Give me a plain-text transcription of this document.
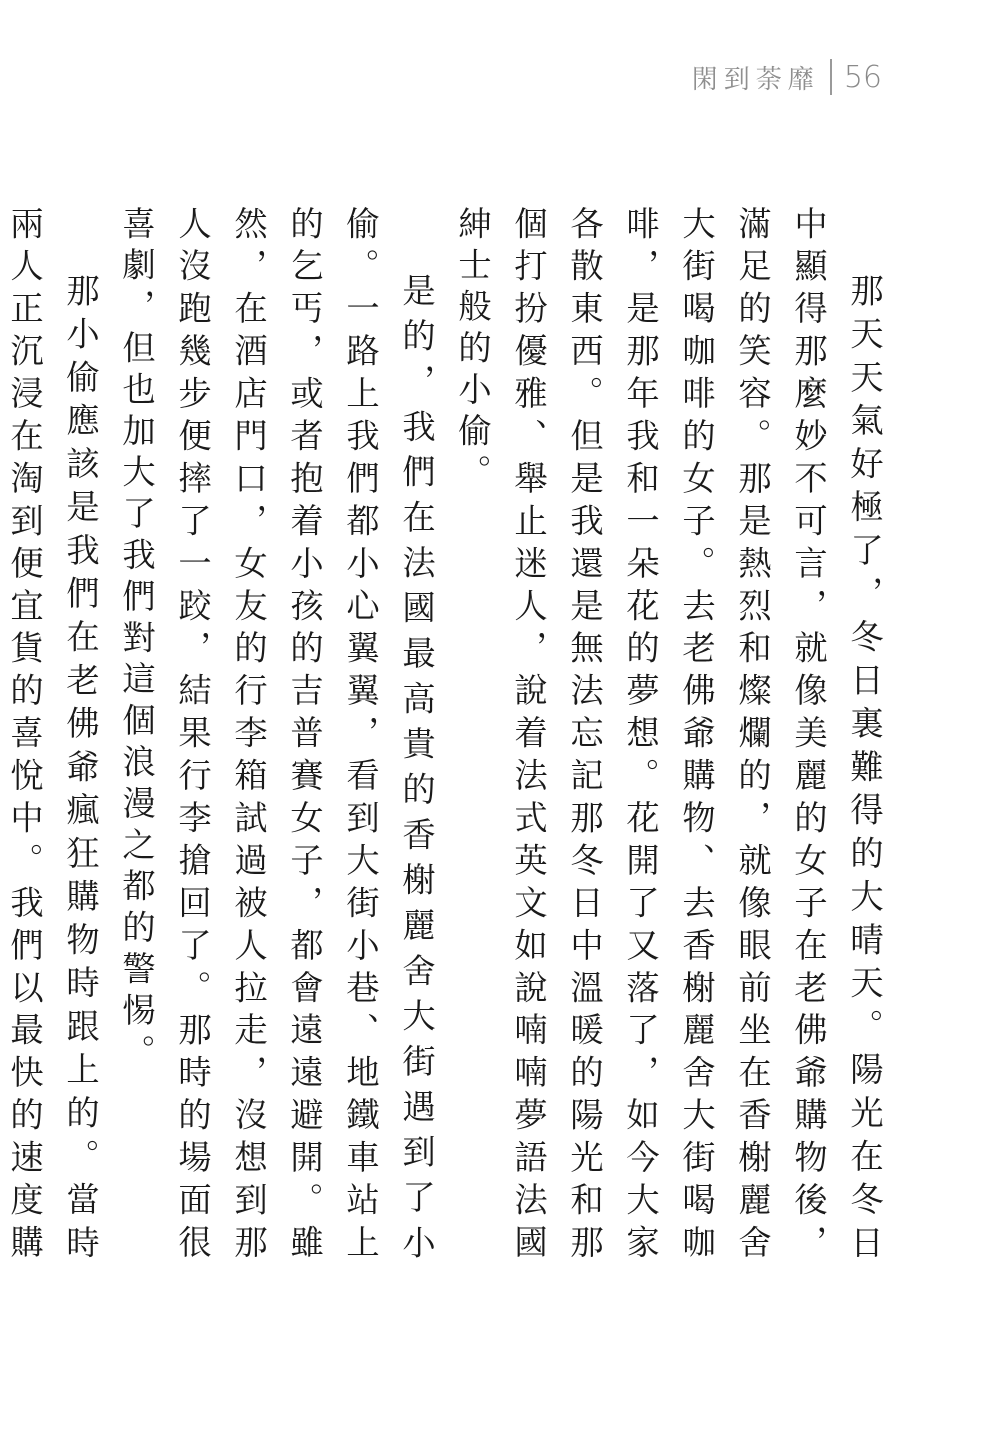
閑到荼靡 56

那天天氣好極了，冬日裏難得的大晴天。陽光在冬日中顯得那麼妙不可言，就像美麗的女子在老佛爺購物後，滿足的笑容。那是熱烈和燦爛的，就像眼前坐在香榭麗舍大街喝咖啡的女子。去老佛爺購物、去香榭麗舍大街喝咖啡，是那年我和一朵花的夢想。花開了又落了，如今大家各散東西。但是我還是無法忘記那冬日中溫暖的陽光和那個打扮優雅、舉止迷人，說着法式英文如說喃喃夢語法國紳士般的小偷。

是的，我們在法國最高貴的香榭麗舍大街遇到了小偷。一路上我們都小心翼翼，看到大街小巷、地鐵車站上的乞丐，或者抱着小孩的吉普賽女子，都會遠遠避開。雖然，在酒店門口，女友的行李箱試過被人拉走，沒想到那人沒跑幾步便摔了一跤，結果行李搶回了。那時的場面很喜劇，但也加大了我們對這個浪漫之都的警惕。

那小偷應該是我們在老佛爺瘋狂購物時跟上的。當時兩人正沉浸在淘到便宜貨的喜悅中。我們以最快的速度購
